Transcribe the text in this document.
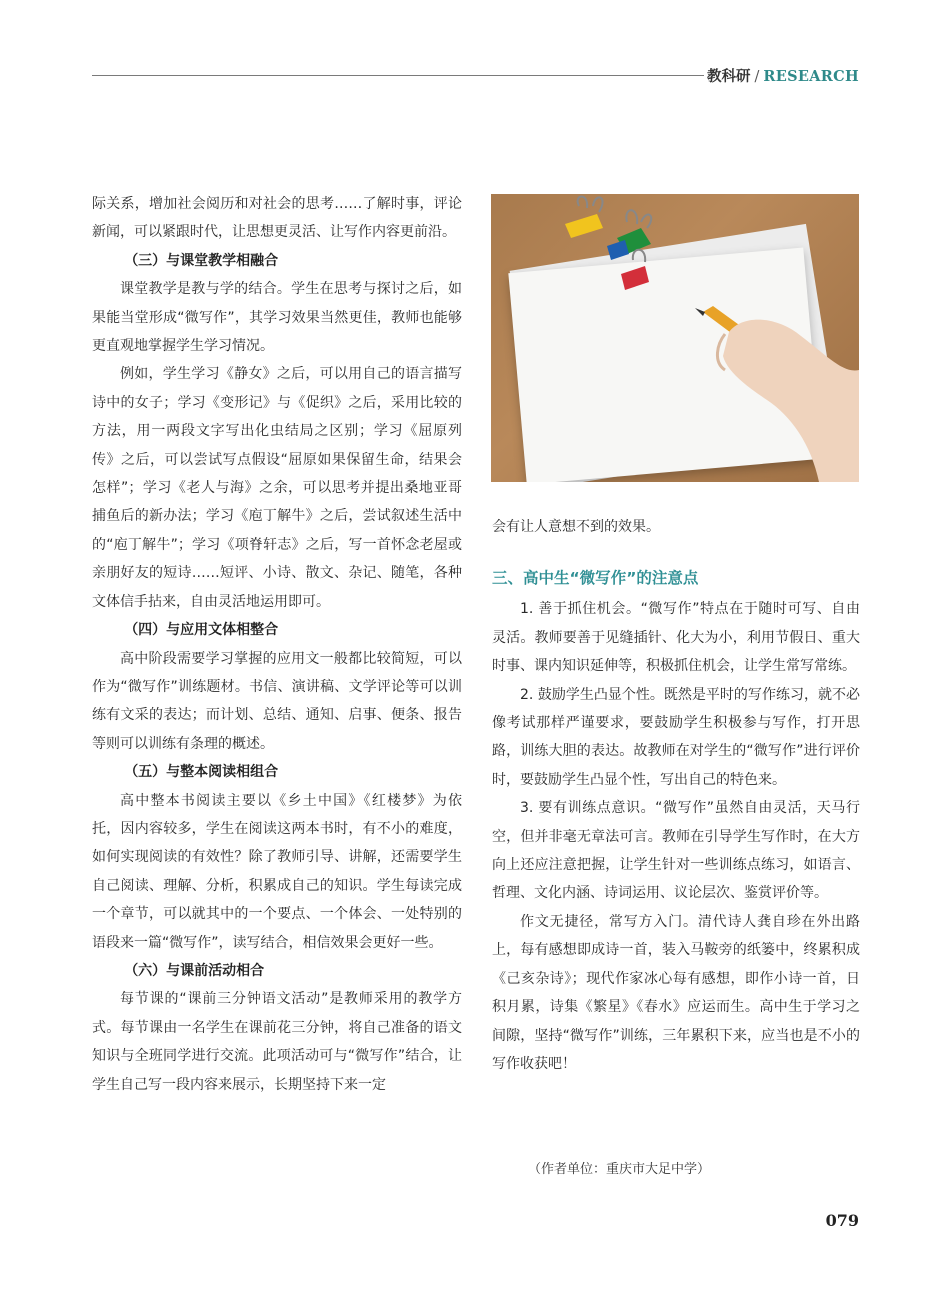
教科研 / RESEARCH

际关系，增加社会阅历和对社会的思考……了解时事，评论新闻，可以紧跟时代，让思想更灵活、让写作内容更前沿。

（三）与课堂教学相融合

课堂教学是教与学的结合。学生在思考与探讨之后，如果能当堂形成“微写作”，其学习效果当然更佳，教师也能够更直观地掌握学生学习情况。

例如，学生学习《静女》之后，可以用自己的语言描写诗中的女子；学习《变形记》与《促织》之后，采用比较的方法，用一两段文字写出化虫结局之区别；学习《屈原列传》之后，可以尝试写点假设“屈原如果保留生命，结果会怎样”；学习《老人与海》之余，可以思考并提出桑地亚哥捕鱼后的新办法；学习《庖丁解牛》之后，尝试叙述生活中的“庖丁解牛”；学习《项脊轩志》之后，写一首怀念老屋或亲朋好友的短诗……短评、小诗、散文、杂记、随笔，各种文体信手拈来，自由灵活地运用即可。

（四）与应用文体相整合

高中阶段需要学习掌握的应用文一般都比较简短，可以作为“微写作”训练题材。书信、演讲稿、文学评论等可以训练有文采的表达；而计划、总结、通知、启事、便条、报告等则可以训练有条理的概述。

（五）与整本阅读相组合

高中整本书阅读主要以《乡土中国》《红楼梦》为依托，因内容较多，学生在阅读这两本书时，有不小的难度，如何实现阅读的有效性？除了教师引导、讲解，还需要学生自己阅读、理解、分析，积累成自己的知识。学生每读完成一个章节，可以就其中的一个要点、一个体会、一处特别的语段来一篇“微写作”，读写结合，相信效果会更好一些。

（六）与课前活动相合

每节课的“课前三分钟语文活动”是教师采用的教学方式。每节课由一名学生在课前花三分钟，将自己准备的语文知识与全班同学进行交流。此项活动可与“微写作”结合，让学生自己写一段内容来展示，长期坚持下来一定

会有让人意想不到的效果。

三、高中生“微写作”的注意点

1. 善于抓住机会。“微写作”特点在于随时可写、自由灵活。教师要善于见缝插针、化大为小，利用节假日、重大时事、课内知识延伸等，积极抓住机会，让学生常写常练。

2. 鼓励学生凸显个性。既然是平时的写作练习，就不必像考试那样严谨要求，要鼓励学生积极参与写作，打开思路，训练大胆的表达。故教师在对学生的“微写作”进行评价时，要鼓励学生凸显个性，写出自己的特色来。

3. 要有训练点意识。“微写作”虽然自由灵活，天马行空，但并非毫无章法可言。教师在引导学生写作时，在大方向上还应注意把握，让学生针对一些训练点练习，如语言、哲理、文化内涵、诗词运用、议论层次、鉴赏评价等。

作文无捷径，常写方入门。清代诗人龚自珍在外出路上，每有感想即成诗一首，装入马鞍旁的纸篓中，终累积成《己亥杂诗》；现代作家冰心每有感想，即作小诗一首，日积月累，诗集《繁星》《春水》应运而生。高中生于学习之间隙，坚持“微写作”训练，三年累积下来，应当也是不小的写作收获吧！

（作者单位：重庆市大足中学）
079
